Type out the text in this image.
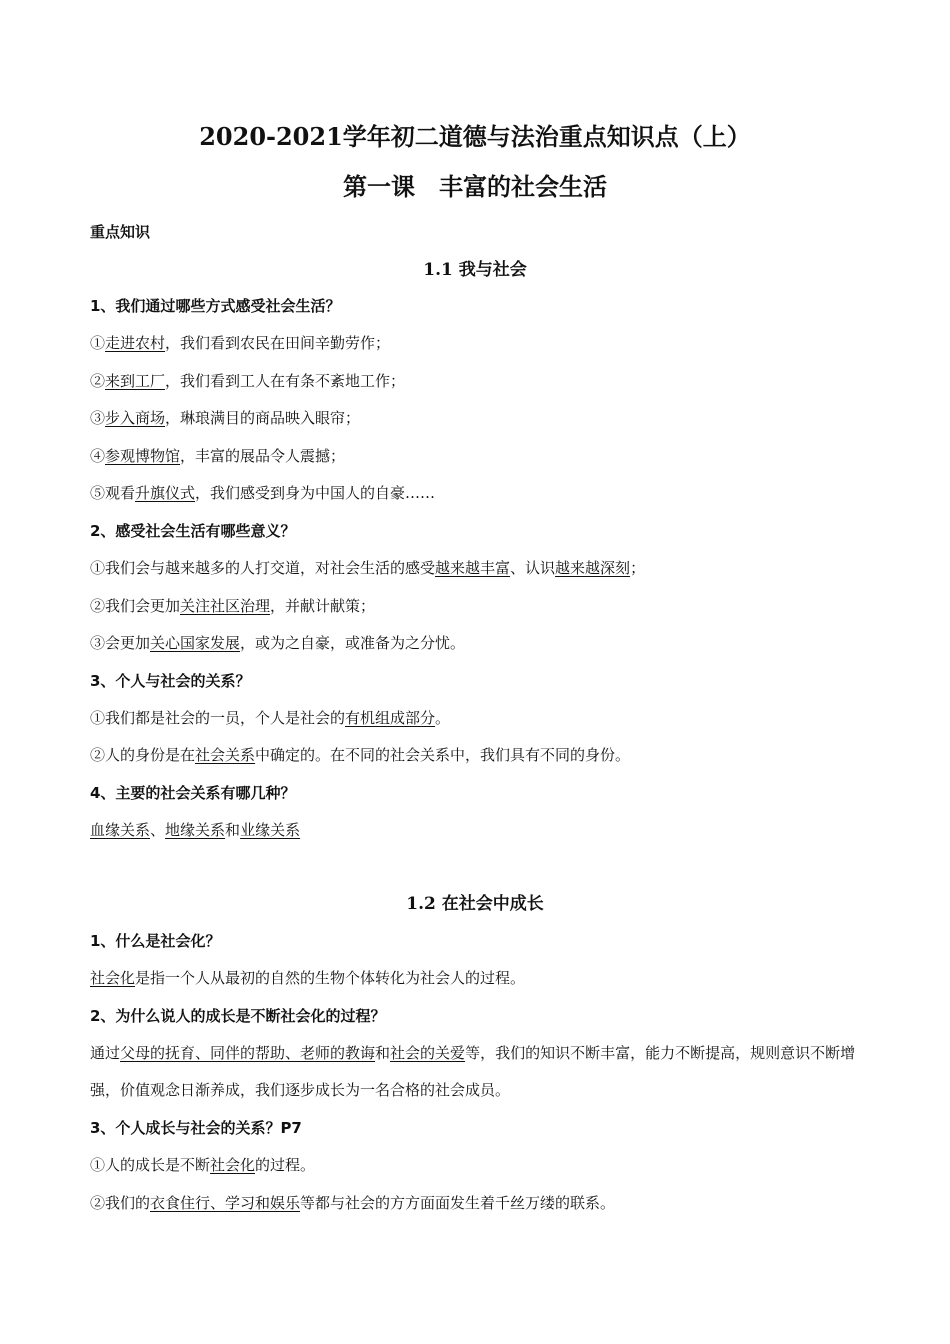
2020-2021学年初二道德与法治重点知识点（上）
第一课　丰富的社会生活
重点知识
1.1 我与社会
1、我们通过哪些方式感受社会生活？
①走进农村，我们看到农民在田间辛勤劳作；
②来到工厂，我们看到工人在有条不紊地工作；
③步入商场，琳琅满目的商品映入眼帘；
④参观博物馆，丰富的展品令人震撼；
⑤观看升旗仪式，我们感受到身为中国人的自豪……
2、感受社会生活有哪些意义？
①我们会与越来越多的人打交道，对社会生活的感受越来越丰富、认识越来越深刻；
②我们会更加关注社区治理，并献计献策；
③会更加关心国家发展，或为之自豪，或准备为之分忧。
3、个人与社会的关系？
①我们都是社会的一员，个人是社会的有机组成部分。
②人的身份是在社会关系中确定的。在不同的社会关系中，我们具有不同的身份。
4、主要的社会关系有哪几种？
血缘关系、地缘关系和业缘关系
1.2 在社会中成长
1、什么是社会化？
社会化是指一个人从最初的自然的生物个体转化为社会人的过程。
2、为什么说人的成长是不断社会化的过程？
通过父母的抚育、同伴的帮助、老师的教诲和社会的关爱等，我们的知识不断丰富，能力不断提高，规则意识不断增强，价值观念日渐养成，我们逐步成长为一名合格的社会成员。
3、个人成长与社会的关系？P7
①人的成长是不断社会化的过程。
②我们的衣食住行、学习和娱乐等都与社会的方方面面发生着千丝万缕的联系。
